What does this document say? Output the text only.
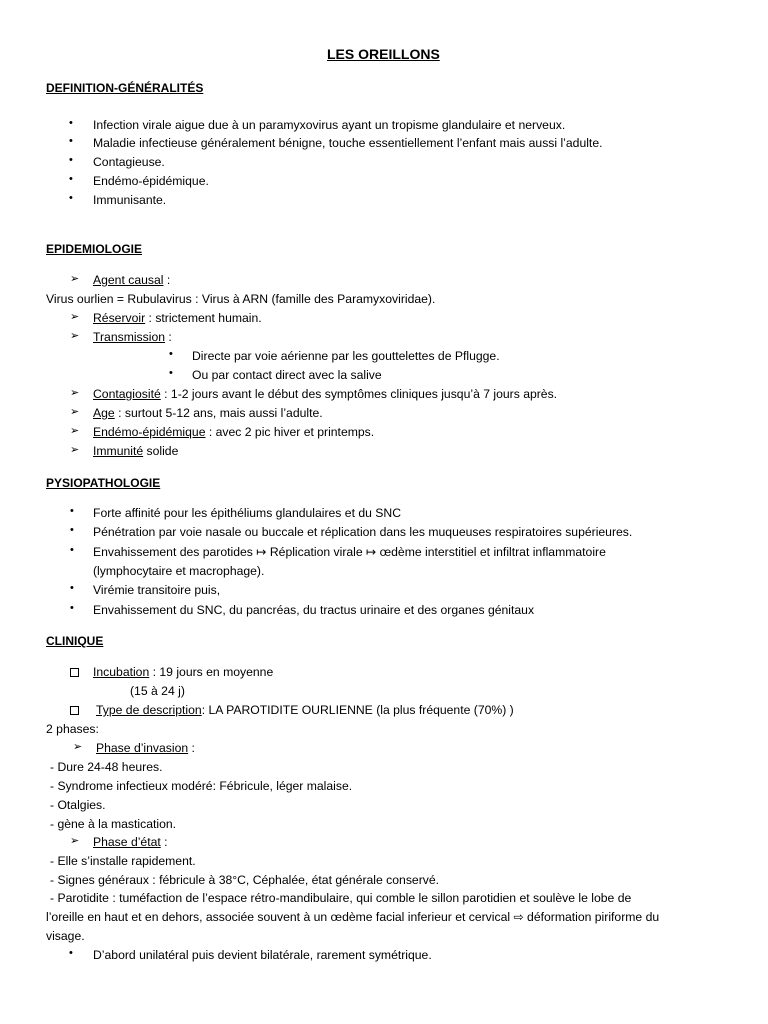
LES OREILLONS
DEFINITION-GÉNÉRALITÉS
• Infection virale aigue due à un paramyxovirus ayant un tropisme glandulaire et nerveux.
• Maladie infectieuse généralement bénigne, touche essentiellement l’enfant mais aussi l’adulte.
• Contagieuse.
• Endémo-épidémique.
• Immunisante.
EPIDEMIOLOGIE
➢ Agent causal :
Virus ourlien = Rubulavirus : Virus à ARN (famille des Paramyxoviridae).
➢ Réservoir : strictement humain.
➢ Transmission :
• Directe par voie aérienne par les gouttelettes de Pflugge.
• Ou par contact direct avec la salive
➢ Contagiosité : 1-2 jours avant le début des symptômes cliniques jusqu’à 7 jours après.
➢ Age : surtout 5-12 ans, mais aussi l’adulte.
➢ Endémo-épidémique : avec 2 pic hiver et printemps.
➢ Immunité solide
PYSIOPATHOLOGIE
• Forte affinité pour les épithéliums glandulaires et du SNC
• Pénétration par voie nasale ou buccale et réplication dans les muqueuses respiratoires supérieures.
• Envahissement des parotides ↦ Réplication virale ↦ œdème interstitiel et infiltrat inflammatoire
(lymphocytaire et macrophage).
• Virémie transitoire puis,
• Envahissement du SNC, du pancréas, du tractus urinaire et des organes génitaux
CLINIQUE
Incubation : 19 jours en moyenne
(15 à 24 j)
Type de description: LA PAROTIDITE OURLIENNE (la plus fréquente (70%) )
2 phases:
➢ Phase d’invasion :
- Dure 24-48 heures.
- Syndrome infectieux modéré: Fébricule, léger malaise.
- Otalgies.
- gène à la mastication.
➢ Phase d’état :
- Elle s’installe rapidement.
- Signes généraux : fébricule à 38°C, Céphalée, état générale conservé.
- Parotidite : tuméfaction de l’espace rétro-mandibulaire, qui comble le sillon parotidien et soulève le lobe de
l’oreille en haut et en dehors, associée souvent à un œdème facial inferieur et cervical ⇨ déformation piriforme du
visage.
• D’abord unilatéral puis devient bilatérale, rarement symétrique.
